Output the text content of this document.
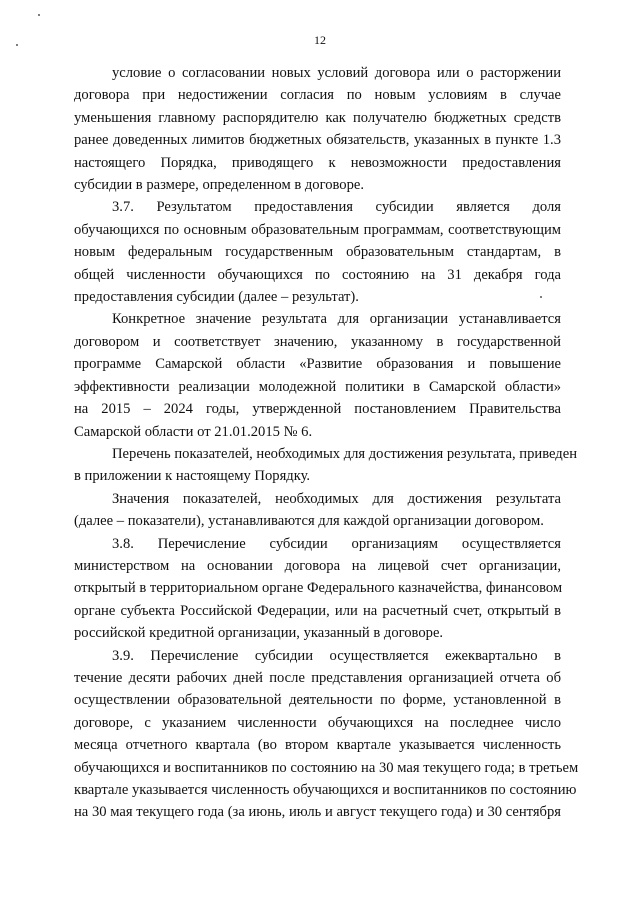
12

условие о согласовании новых условий договора или о расторжении
договора при недостижении согласия по новым условиям в случае
уменьшения главному распорядителю как получателю бюджетных средств
ранее доведенных лимитов бюджетных обязательств, указанных в пункте 1.3
настоящего Порядка, приводящего к невозможности предоставления
субсидии в размере, определенном в договоре.

3.7. Результатом предоставления субсидии является доля
обучающихся по основным образовательным программам, соответствующим
новым федеральным государственным образовательным стандартам, в
общей численности обучающихся по состоянию на 31 декабря года
предоставления субсидии (далее – результат).

Конкретное значение результата для организации устанавливается
договором и соответствует значению, указанному в государственной
программе Самарской области «Развитие образования и повышение
эффективности реализации молодежной политики в Самарской области»
на 2015 – 2024 годы, утвержденной постановлением Правительства
Самарской области от 21.01.2015 № 6.

Перечень показателей, необходимых для достижения результата, приведен
в приложении к настоящему Порядку.

Значения показателей, необходимых для достижения результата
(далее – показатели), устанавливаются для каждой организации договором.

3.8. Перечисление субсидии организациям осуществляется
министерством на основании договора на лицевой счет организации,
открытый в территориальном органе Федерального казначейства, финансовом
органе субъекта Российской Федерации, или на расчетный счет, открытый в
российской кредитной организации, указанный в договоре.

3.9. Перечисление субсидии осуществляется ежеквартально в
течение десяти рабочих дней после представления организацией отчета об
осуществлении образовательной деятельности по форме, установленной в
договоре, с указанием численности обучающихся на последнее число
месяца отчетного квартала (во втором квартале указывается численность
обучающихся и воспитанников по состоянию на 30 мая текущего года; в третьем
квартале указывается численность обучающихся и воспитанников по состоянию
на 30 мая текущего года (за июнь, июль и август текущего года) и 30 сентября
